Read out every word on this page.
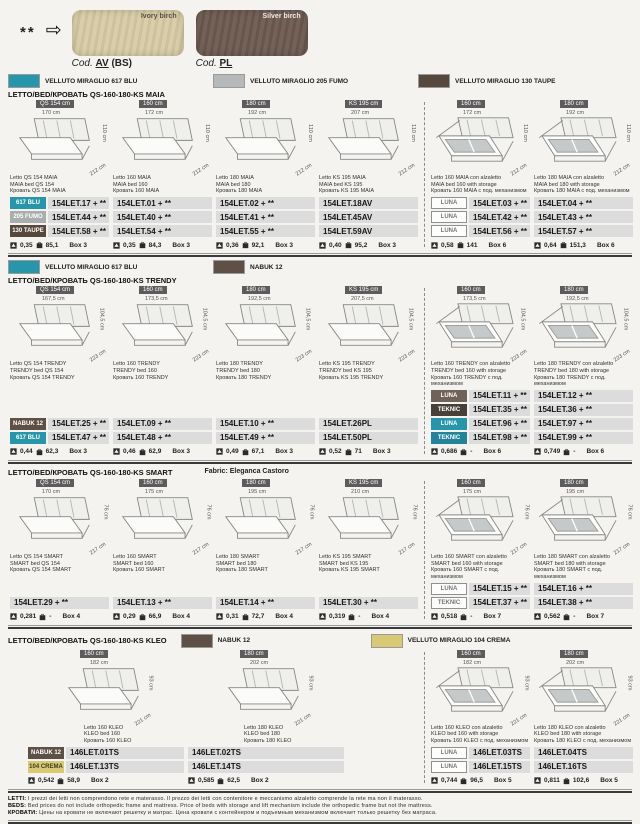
** ⇨
Ivory birch
Cod. AV (BS)
Silver birch
Cod. PL
VELLUTO MIRAGLIO 617 BLU	VELLUTO MIRAGLIO 205 FUMO	VELLUTO MIRAGLIO 130 TAUPE
LETTO/BED/КРОВАТЬ QS-160-180-KS MAIA
QS 154 cm
170 cm
110 cm
212 cm
Letto QS 154 MAIA
MAIA bed QS 154
Кровать QS 154 MAIA
617 BLU	154LET.17 + **
205 FUMO	154LET.44 + **
130 TAUPE	154LET.58 + **
0,35 85,1 Box 3
160 cm
172 cm
110 cm
212 cm
Letto 160 MAIA
MAIA bed 160
Кровать 160 MAIA
154LET.01 + **
154LET.40 + **
154LET.54 + **
0,35 84,3 Box 3
180 cm
192 cm
110 cm
212 cm
Letto 180 MAIA
MAIA bed 180
Кровать 180 MAIA
154LET.02 + **
154LET.41 + **
154LET.55 + **
0,36 92,1 Box 3
KS 195 cm
207 cm
110 cm
212 cm
Letto KS 195 MAIA
MAIA bed KS 195
Кровать KS 195 MAIA
154LET.18AV
154LET.45AV
154LET.59AV
0,40 95,2 Box 3
160 cm
172 cm
110 cm
212 cm
Letto 160 MAIA con alzaletto
MAIA bed 160 with storage
Кровать 160 MAIA с под. механизмом
LUNA	154LET.03 + **
LUNA	154LET.42 + **
LUNA	154LET.56 + **
0,58 141 Box 6
180 cm
192 cm
110 cm
212 cm
Letto 180 MAIA con alzaletto
MAIA bed 180 with storage
Кровать 180 MAIA с под. механизмом
154LET.04 + **
154LET.43 + **
154LET.57 + **
0,64 151,3 Box 6
VELLUTO MIRAGLIO 617 BLU	NABUK 12
LETTO/BED/КРОВАТЬ QS-160-180-KS TRENDY
QS 154 cm
167,5 cm
104,5 cm
223 cm
Letto QS 154 TRENDY
TRENDY bed QS 154
Кровать QS 154 TRENDY
NABUK 12	154LET.25 + **
617 BLU	154LET.47 + **
0,44 62,3 Box 3
160 cm
173,5 cm
104,5 cm
223 cm
Letto 160 TRENDY
TRENDY bed 160
Кровать 160 TRENDY
154LET.09 + **
154LET.48 + **
0,46 62,9 Box 3
180 cm
192,5 cm
104,5 cm
223 cm
Letto 180 TRENDY
TRENDY bed 180
Кровать 180 TRENDY
154LET.10 + **
154LET.49 + **
0,49 67,1 Box 3
KS 195 cm
207,5 cm
104,5 cm
223 cm
Letto KS 195 TRENDY
TRENDY bed KS 195
Кровать KS 195 TRENDY
154LET.26PL
154LET.50PL
0,52 71 Box 3
160 cm
173,5 cm
104,5 cm
223 cm
Letto 160 TRENDY con alzaletto
TRENDY bed 160 with storage
Кровать 160 TRENDY с под. механизмом
LUNA	154LET.11 + **
TEKNIC	154LET.35 + **
LUNA	154LET.96 + **
TEKNIC	154LET.98 + **
0,686 - Box 6
180 cm
192,5 cm
104,5 cm
223 cm
Letto 180 TRENDY con alzaletto
TRENDY bed 180 with storage
Кровать 180 TRENDY с под. механизмом
154LET.12 + **
154LET.36 + **
154LET.97 + **
154LET.99 + **
0,749 - Box 6
LETTO/BED/КРОВАТЬ QS-160-180-KS SMART	Fabric: Eleganca Castoro
QS 154 cm
170 cm
76 cm
217 cm
Letto QS 154 SMART
SMART bed QS 154
Кровать QS 154 SMART
154LET.29 + **
0,281 - Box 4
160 cm
175 cm
76 cm
217 cm
Letto 160 SMART
SMART bed 160
Кровать 160 SMART
154LET.13 + **
0,29 66,9 Box 4
180 cm
195 cm
76 cm
217 cm
Letto 180 SMART
SMART bed 180
Кровать 180 SMART
154LET.14 + **
0,31 72,7 Box 4
KS 195 cm
210 cm
76 cm
217 cm
Letto KS 195 SMART
SMART bed KS 195
Кровать KS 195 SMART
154LET.30 + **
0,319 - Box 4
160 cm
175 cm
76 cm
217 cm
Letto 160 SMART con alzaletto
SMART bed 160 with storage
Кровать 160 SMART с под. механизмом
LUNA	154LET.15 + **
TEKNIC	154LET.37 + **
0,518 - Box 7
180 cm
195 cm
76 cm
217 cm
Letto 180 SMART con alzaletto
SMART bed 180 with storage
Кровать 180 SMART с под. механизмом
154LET.16 + **
154LET.38 + **
0,562 - Box 7
LETTO/BED/КРОВАТЬ QS-160-180-KS KLEO	NABUK 12	VELLUTO MIRAGLIO 104 CREMA
160 cm
182 cm
93 cm
221 cm
Letto 160 KLEO
KLEO bed 160
Кровать 160 KLEO
NABUK 12	146LET.01TS
104 CREMA 146LET.13TS
0,542 58,9 Box 2
180 cm
202 cm
93 cm
221 cm
Letto 180 KLEO
KLEO bed 180
Кровать 180 KLEO
146LET.02TS
146LET.14TS
0,585 62,5 Box 2
160 cm
182 cm
93 cm
221 cm
Letto 160 KLEO con alzaletto
KLEO bed 160 with storage
Кровать 160 KLEO с под. механизмом
LUNA	146LET.03TS
LUNA	146LET.15TS
0,744 96,5 Box 5
180 cm
202 cm
93 cm
221 cm
Letto 180 KLEO con alzaletto
KLEO bed 180 with storage
Кровать 180 KLEO с под. механизмом
146LET.04TS
146LET.16TS
0,811 102,6 Box 5
LETTI: I prezzi dei letti non comprendono rete e materasso. Il prezzo dei letti con contenitore e meccanismo alzaletto comprende la rete ma non il materasso.
BEDS: Bed prices do not include orthopedic frame and mattress. Price of beds with storage and lift mechanism include the orthopedic frame but not the mattress.
КРОВАТИ: Цены на кровати не включают решетку и матрас. Цена кровати с контейнером и подъемным механизмом включает только решетку без матраса.
